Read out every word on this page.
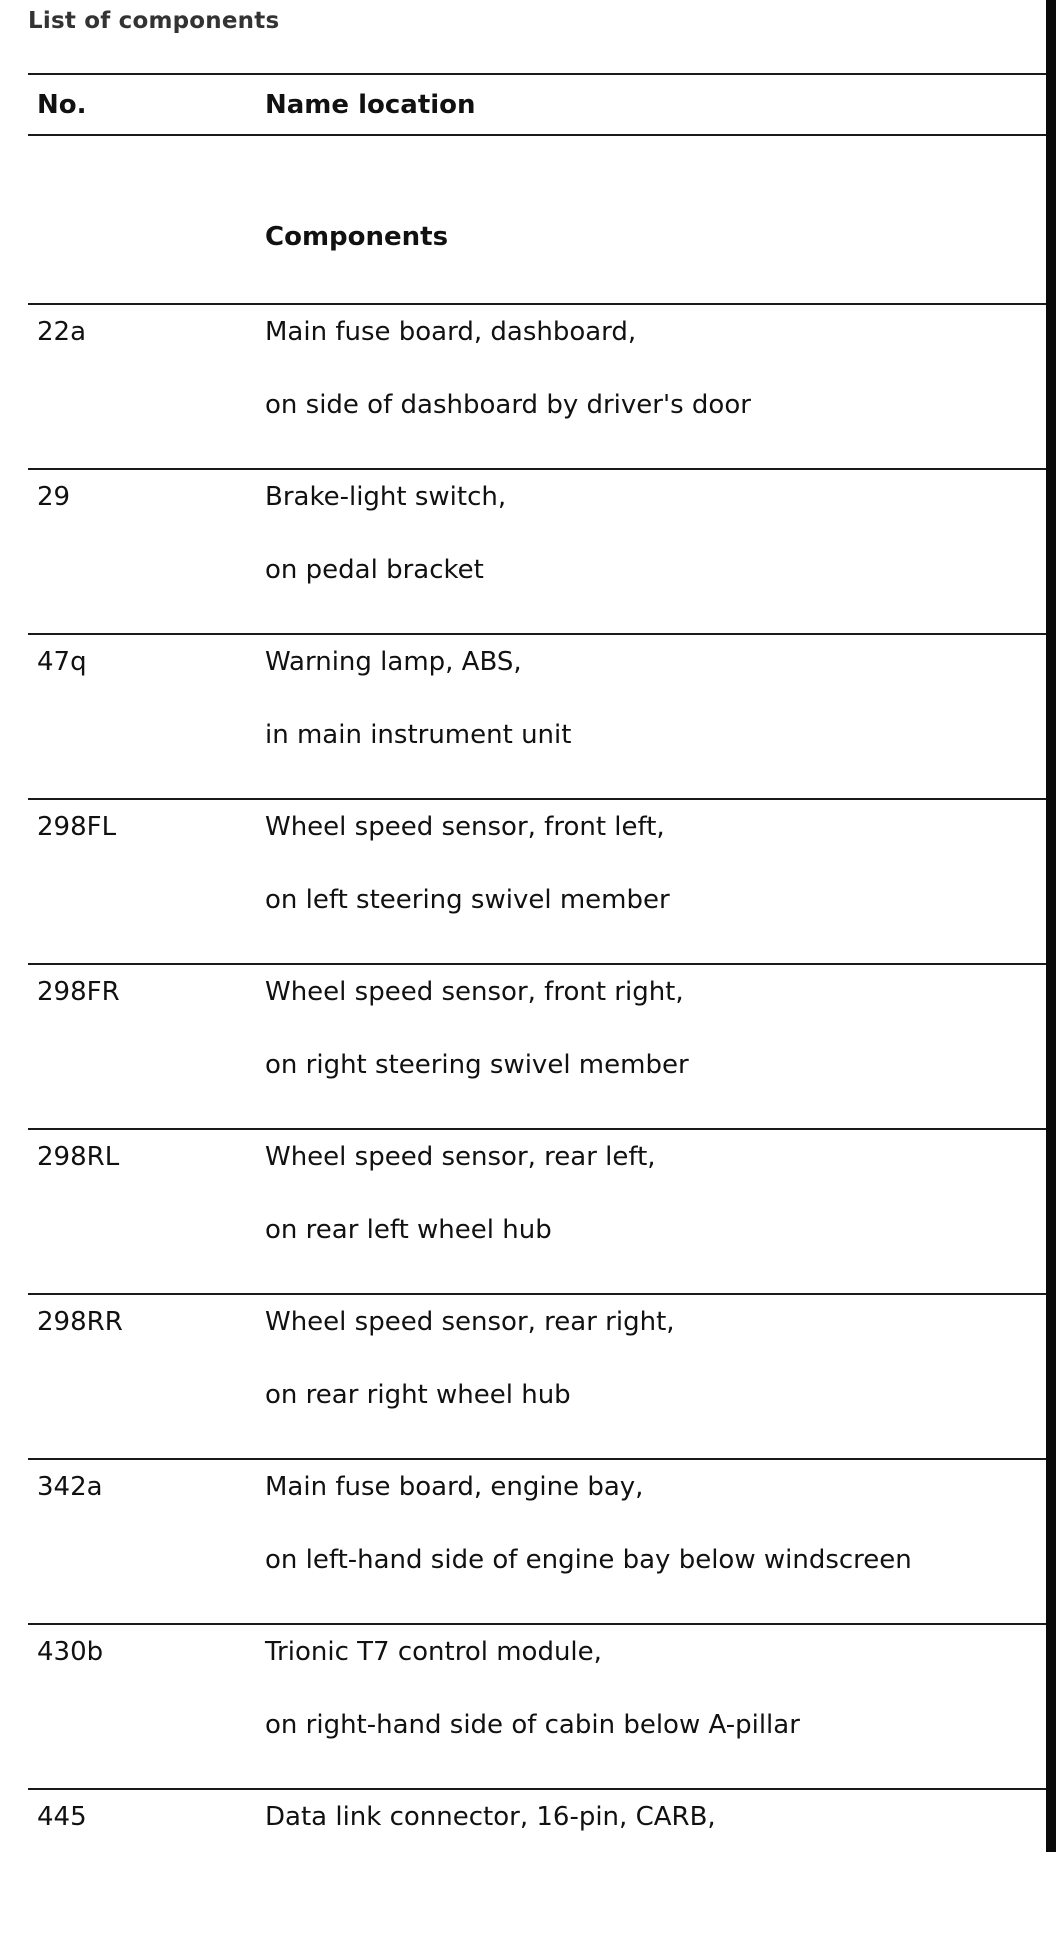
List of components
No.	Name location
Components
22a	Main fuse board, dashboard,
on side of dashboard by driver's door
29	Brake-light switch,
on pedal bracket
47q	Warning lamp, ABS,
in main instrument unit
298FL	Wheel speed sensor, front left,
on left steering swivel member
298FR	Wheel speed sensor, front right,
on right steering swivel member
298RL	Wheel speed sensor, rear left,
on rear left wheel hub
298RR	Wheel speed sensor, rear right,
on rear right wheel hub
342a	Main fuse board, engine bay,
on left-hand side of engine bay below windscreen
430b	Trionic T7 control module,
on right-hand side of cabin below A-pillar
445	Data link connector, 16-pin, CARB,
